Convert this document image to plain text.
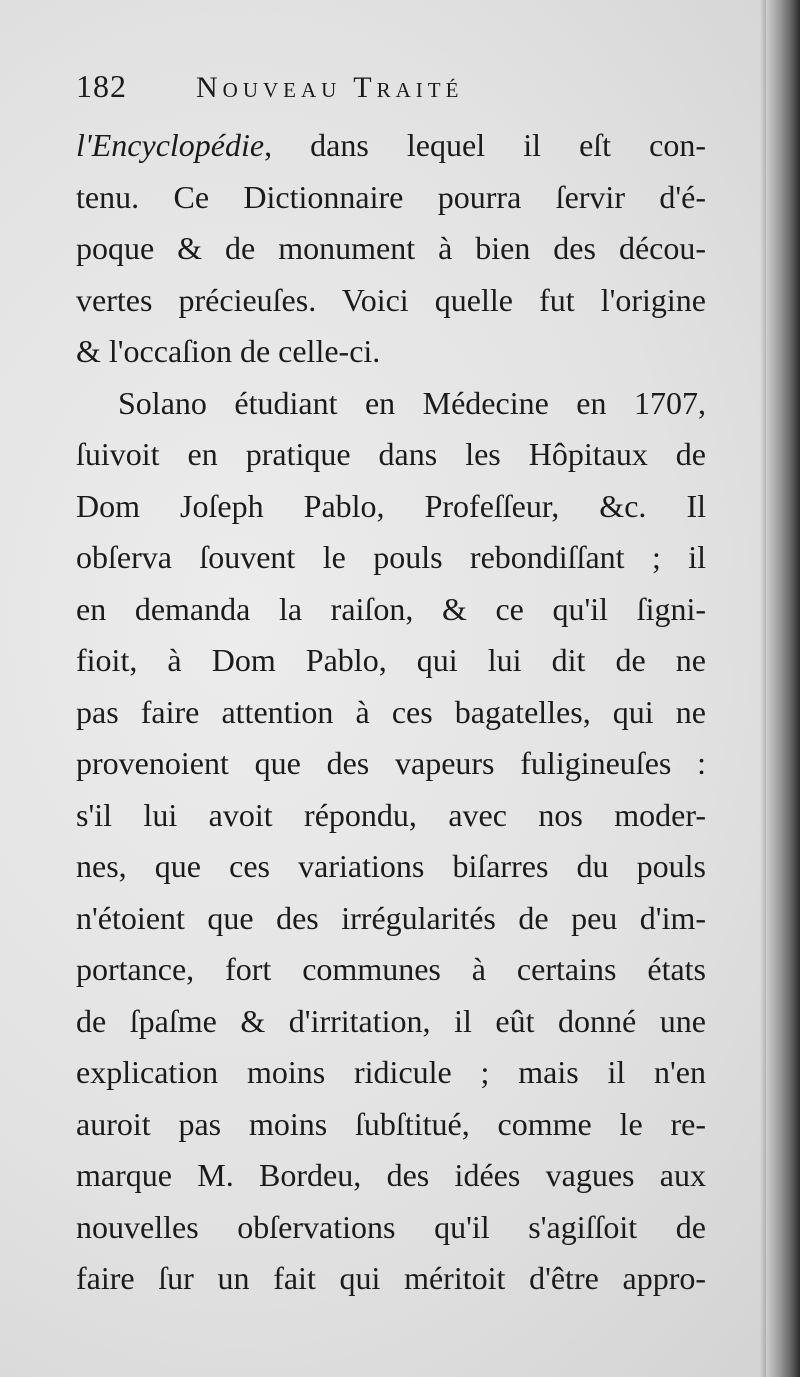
182	Nouveau Traité
l'Encyclopédie, dans lequel il eſt con-
tenu. Ce Dictionnaire pourra ſervir d'é-
poque & de monument à bien des décou-
vertes précieuſes. Voici quelle fut l'origine
& l'occaſion de celle-ci.
Solano étudiant en Médecine en 1707,
ſuivoit en pratique dans les Hôpitaux de
Dom Joſeph Pablo, Profeſſeur, &c. Il
obſerva ſouvent le pouls rebondiſſant ; il
en demanda la raiſon, & ce qu'il ſigni-
fioit, à Dom Pablo, qui lui dit de ne
pas faire attention à ces bagatelles, qui ne
provenoient que des vapeurs fuligineuſes :
s'il lui avoit répondu, avec nos moder-
nes, que ces variations biſarres du pouls
n'étoient que des irrégularités de peu d'im-
portance, fort communes à certains états
de ſpaſme & d'irritation, il eût donné une
explication moins ridicule ; mais il n'en
auroit pas moins ſubſtitué, comme le re-
marque M. Bordeu, des idées vagues aux
nouvelles obſervations qu'il s'agiſſoit de
faire ſur un fait qui méritoit d'être appro-
